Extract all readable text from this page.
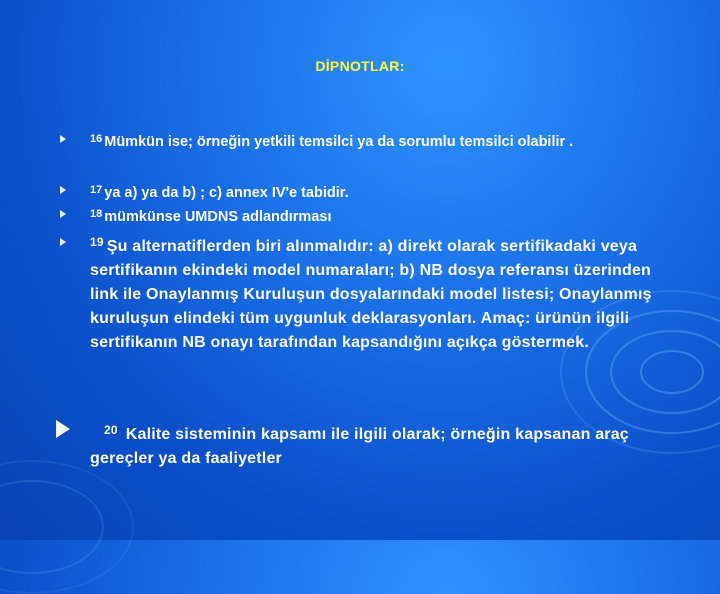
DİPNOTLAR:
$^{16}$ Mümkün ise; örneğin yetkili temsilci ya da sorumlu temsilci olabilir .
$^{17}$ ya a) ya da b) ; c) annex IV'e tabidir.
$^{18}$ mümkünse UMDNS adlandırması
$^{19}$ Şu alternatiflerden biri alınmalıdır: a) direkt olarak sertifikadaki veya sertifikanın ekindeki model numaraları; b) NB dosya referansı üzerinden link ile Onaylanmış Kuruluşun dosyalarındaki model listesi; Onaylanmış kuruluşun elindeki tüm uygunluk deklarasyonları. Amaç: ürünün ilgili sertifikanın NB onayı tarafından kapsandığını açıkça göstermek.
$^{20}$ Kalite sisteminin kapsamı ile ilgili olarak; örneğin kapsanan araç gereçler ya da faaliyetler
